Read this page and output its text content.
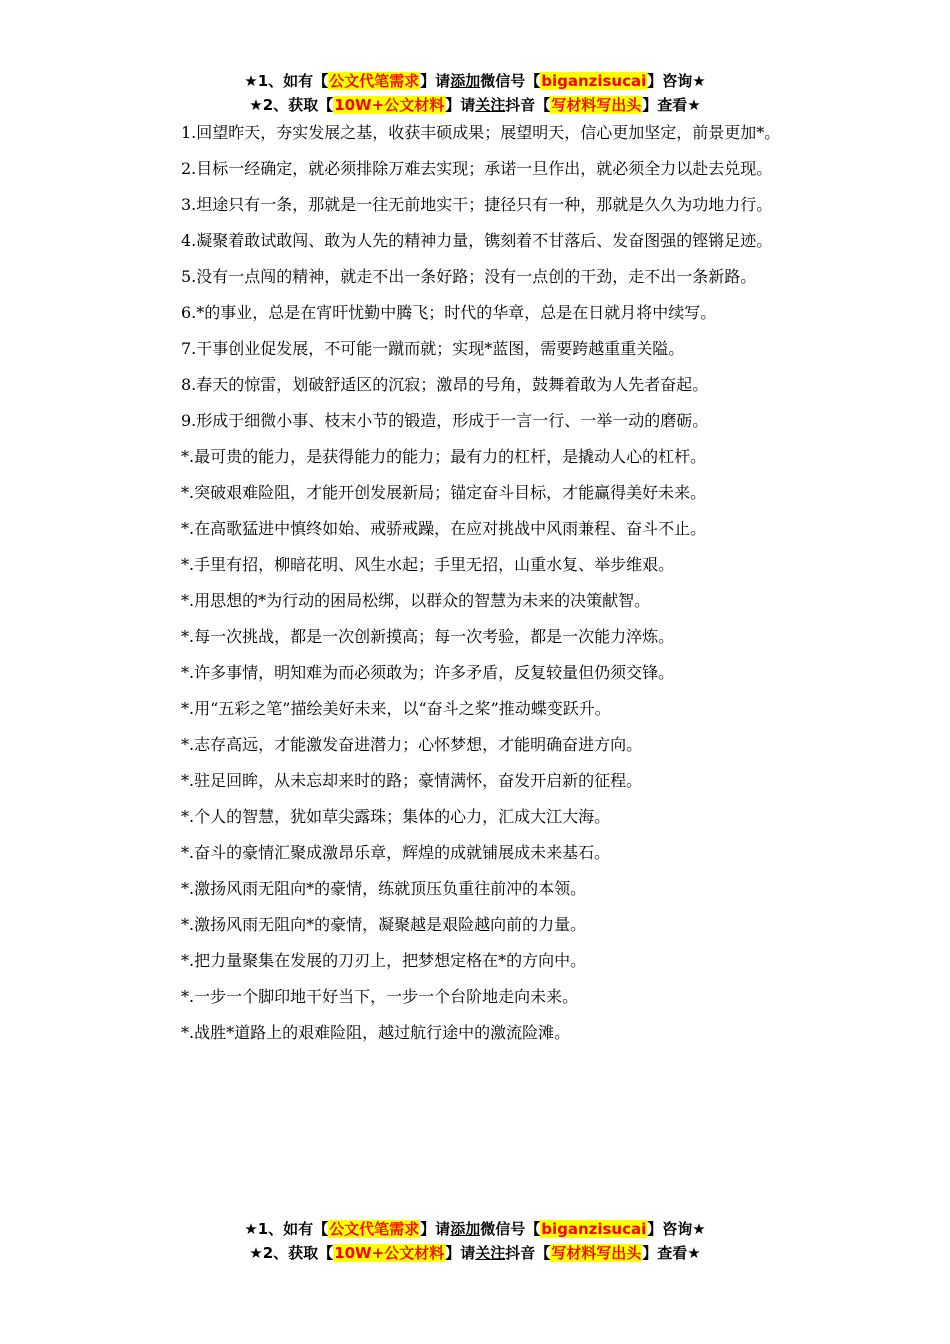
★1、如有【公文代笔需求】请添加微信号【biganzisucai】咨询★
★2、获取【10W+公文材料】请关注抖音【写材料写出头】查看★

1.回望昨天，夯实发展之基，收获丰硕成果；展望明天，信心更加坚定，前景更加*。

2.目标一经确定，就必须排除万难去实现；承诺一旦作出，就必须全力以赴去兑现。

3.坦途只有一条，那就是一往无前地实干；捷径只有一种，那就是久久为功地力行。

4.凝聚着敢试敢闯、敢为人先的精神力量，镌刻着不甘落后、发奋图强的铿锵足迹。

5.没有一点闯的精神，就走不出一条好路；没有一点创的干劲，走不出一条新路。

6.*的事业，总是在宵旰忧勤中腾飞；时代的华章，总是在日就月将中续写。

7.干事创业促发展，不可能一蹴而就；实现*蓝图，需要跨越重重关隘。

8.春天的惊雷，划破舒适区的沉寂；激昂的号角，鼓舞着敢为人先者奋起。

9.形成于细微小事、枝末小节的锻造，形成于一言一行、一举一动的磨砺。

*.最可贵的能力，是获得能力的能力；最有力的杠杆，是撬动人心的杠杆。

*.突破艰难险阻，才能开创发展新局；锚定奋斗目标，才能赢得美好未来。

*.在高歌猛进中慎终如始、戒骄戒躁，在应对挑战中风雨兼程、奋斗不止。

*.手里有招，柳暗花明、风生水起；手里无招，山重水复、举步维艰。

*.用思想的*为行动的困局松绑，以群众的智慧为未来的决策献智。

*.每一次挑战，都是一次创新摸高；每一次考验，都是一次能力淬炼。

*.许多事情，明知难为而必须敢为；许多矛盾，反复较量但仍须交锋。

*.用“五彩之笔”描绘美好未来，以“奋斗之桨”推动蝶变跃升。

*.志存高远，才能激发奋进潜力；心怀梦想，才能明确奋进方向。

*.驻足回眸，从未忘却来时的路；豪情满怀，奋发开启新的征程。

*.个人的智慧，犹如草尖露珠；集体的心力，汇成大江大海。

*.奋斗的豪情汇聚成激昂乐章，辉煌的成就铺展成未来基石。

*.激扬风雨无阻向*的豪情，练就顶压负重往前冲的本领。

*.激扬风雨无阻向*的豪情，凝聚越是艰险越向前的力量。

*.把力量聚集在发展的刀刃上，把梦想定格在*的方向中。

*.一步一个脚印地干好当下，一步一个台阶地走向未来。

*.战胜*道路上的艰难险阻，越过航行途中的激流险滩。

★1、如有【公文代笔需求】请添加微信号【biganzisucai】咨询★
★2、获取【10W+公文材料】请关注抖音【写材料写出头】查看★
